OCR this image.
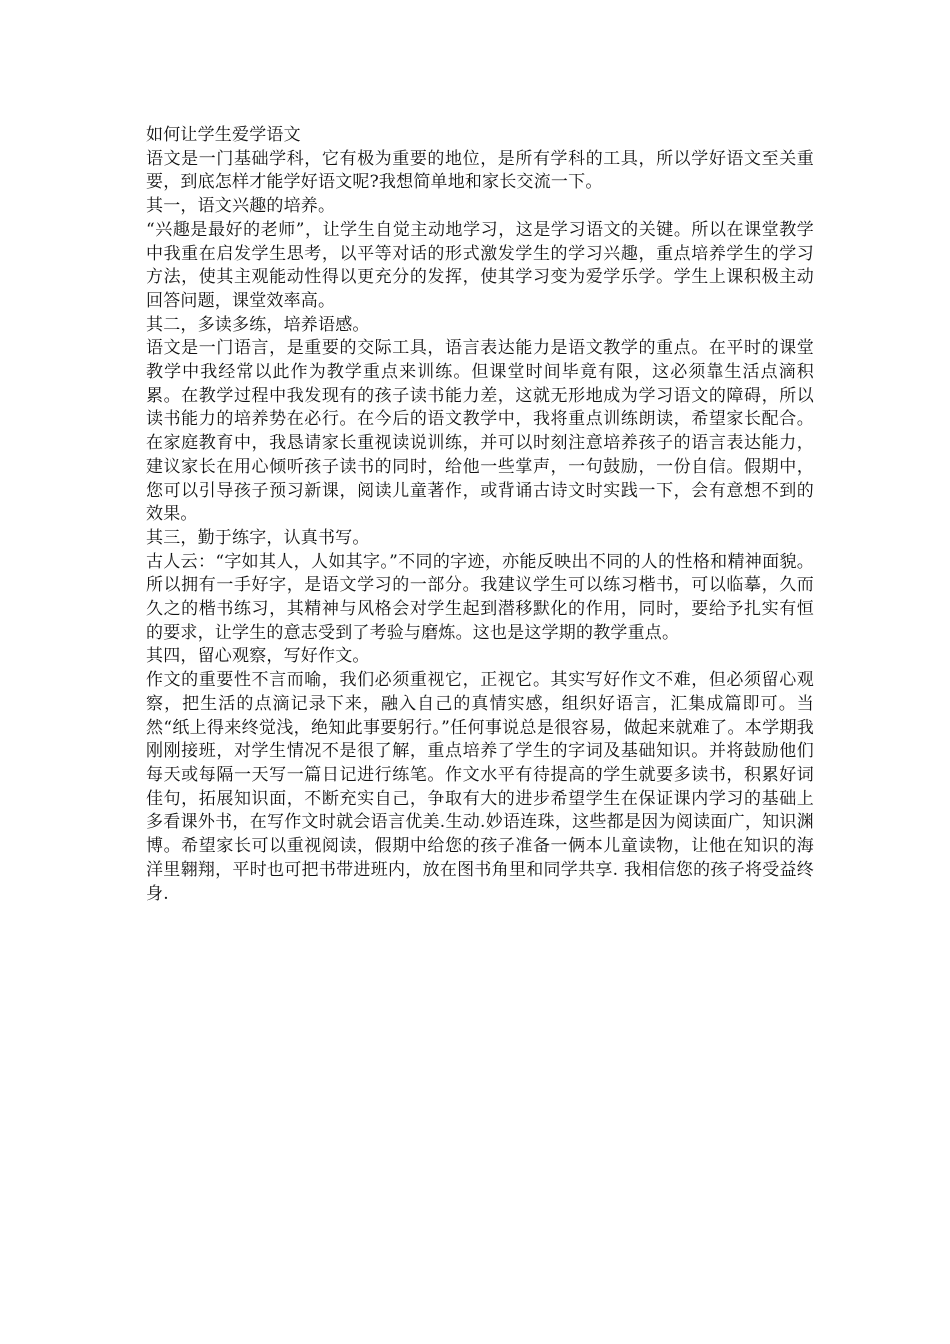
如何让学生爱学语文

语文是一门基础学科，它有极为重要的地位，是所有学科的工具，所以学好语文至关重要，到底怎样才能学好语文呢?我想简单地和家长交流一下。

其一，语文兴趣的培养。

“兴趣是最好的老师”，让学生自觉主动地学习，这是学习语文的关键。所以在课堂教学中我重在启发学生思考，以平等对话的形式激发学生的学习兴趣，重点培养学生的学习方法，使其主观能动性得以更充分的发挥，使其学习变为爱学乐学。学生上课积极主动回答问题，课堂效率高。

其二，多读多练，培养语感。

语文是一门语言，是重要的交际工具，语言表达能力是语文教学的重点。在平时的课堂教学中我经常以此作为教学重点来训练。但课堂时间毕竟有限，这必须靠生活点滴积累。在教学过程中我发现有的孩子读书能力差，这就无形地成为学习语文的障碍，所以读书能力的培养势在必行。在今后的语文教学中，我将重点训练朗读，希望家长配合。在家庭教育中，我恳请家长重视读说训练，并可以时刻注意培养孩子的语言表达能力，建议家长在用心倾听孩子读书的同时，给他一些掌声，一句鼓励，一份自信。假期中，您可以引导孩子预习新课，阅读儿童著作，或背诵古诗文时实践一下，会有意想不到的效果。

其三，勤于练字，认真书写。

古人云：“字如其人，人如其字。”不同的字迹，亦能反映出不同的人的性格和精神面貌。所以拥有一手好字，是语文学习的一部分。我建议学生可以练习楷书，可以临摹，久而久之的楷书练习，其精神与风格会对学生起到潜移默化的作用，同时，要给予扎实有恒的要求，让学生的意志受到了考验与磨炼。这也是这学期的教学重点。

其四，留心观察，写好作文。

作文的重要性不言而喻，我们必须重视它，正视它。其实写好作文不难，但必须留心观察，把生活的点滴记录下来，融入自己的真情实感，组织好语言，汇集成篇即可。当然“纸上得来终觉浅，绝知此事要躬行。”任何事说总是很容易，做起来就难了。本学期我刚刚接班，对学生情况不是很了解，重点培养了学生的字词及基础知识。并将鼓励他们每天或每隔一天写一篇日记进行练笔。作文水平有待提高的学生就要多读书，积累好词佳句，拓展知识面，不断充实自己，争取有大的进步希望学生在保证课内学习的基础上多看课外书，在写作文时就会语言优美.生动.妙语连珠，这些都是因为阅读面广，知识渊博。希望家长可以重视阅读，假期中给您的孩子准备一俩本儿童读物，让他在知识的海洋里翱翔，平时也可把书带进班内，放在图书角里和同学共享. 我相信您的孩子将受益终身.
